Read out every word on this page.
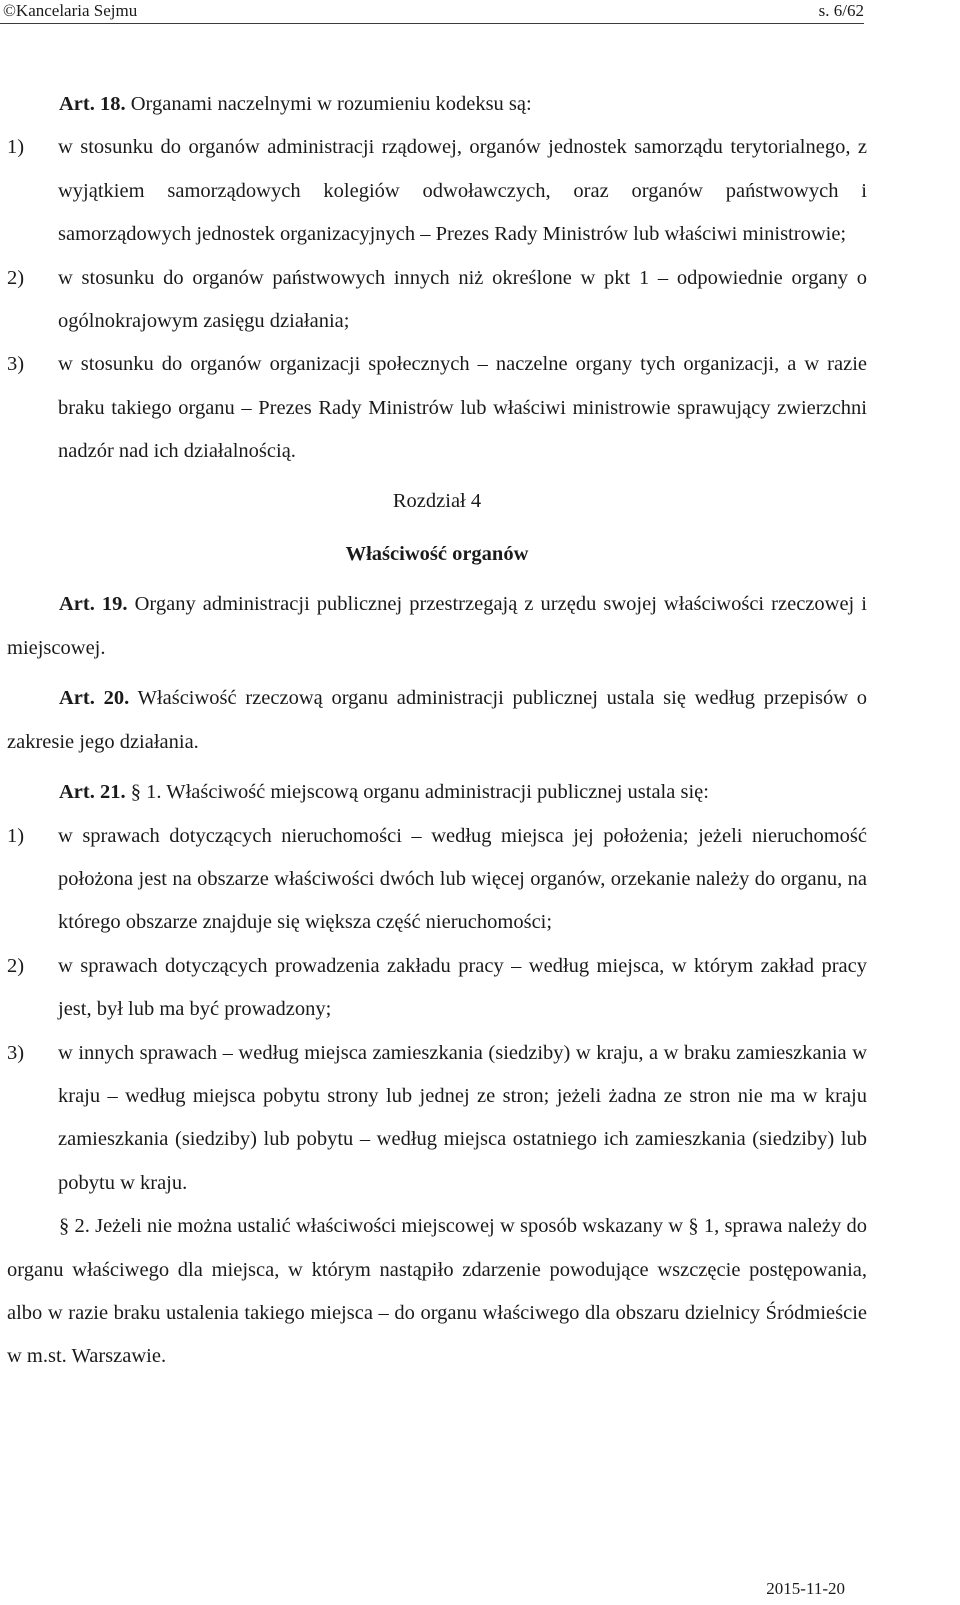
©Kancelaria Sejmu	s. 6/62

Art. 18. Organami naczelnymi w rozumieniu kodeksu są:

1)	w stosunku do organów administracji rządowej, organów jednostek samorządu terytorialnego, z wyjątkiem samorządowych kolegiów odwoławczych, oraz organów państwowych i samorządowych jednostek organizacyjnych – Prezes Rady Ministrów lub właściwi ministrowie;
2)	w stosunku do organów państwowych innych niż określone w pkt 1 – odpowiednie organy o ogólnokrajowym zasięgu działania;
3)	w stosunku do organów organizacji społecznych – naczelne organy tych organizacji, a w razie braku takiego organu – Prezes Rady Ministrów lub właściwi ministrowie sprawujący zwierzchni nadzór nad ich działalnością.

Rozdział 4

Właściwość organów

Art. 19. Organy administracji publicznej przestrzegają z urzędu swojej właściwości rzeczowej i miejscowej.

Art. 20. Właściwość rzeczową organu administracji publicznej ustala się według przepisów o zakresie jego działania.

Art. 21. § 1. Właściwość miejscową organu administracji publicznej ustala się:

1)	w sprawach dotyczących nieruchomości – według miejsca jej położenia; jeżeli nieruchomość położona jest na obszarze właściwości dwóch lub więcej organów, orzekanie należy do organu, na którego obszarze znajduje się większa część nieruchomości;
2)	w sprawach dotyczących prowadzenia zakładu pracy – według miejsca, w którym zakład pracy jest, był lub ma być prowadzony;
3)	w innych sprawach – według miejsca zamieszkania (siedziby) w kraju, a w braku zamieszkania w kraju – według miejsca pobytu strony lub jednej ze stron; jeżeli żadna ze stron nie ma w kraju zamieszkania (siedziby) lub pobytu – według miejsca ostatniego ich zamieszkania (siedziby) lub pobytu w kraju.

§ 2. Jeżeli nie można ustalić właściwości miejscowej w sposób wskazany w § 1, sprawa należy do organu właściwego dla miejsca, w którym nastąpiło zdarzenie powodujące wszczęcie postępowania, albo w razie braku ustalenia takiego miejsca – do organu właściwego dla obszaru dzielnicy Śródmieście w m.st. Warszawie.

2015-11-20
